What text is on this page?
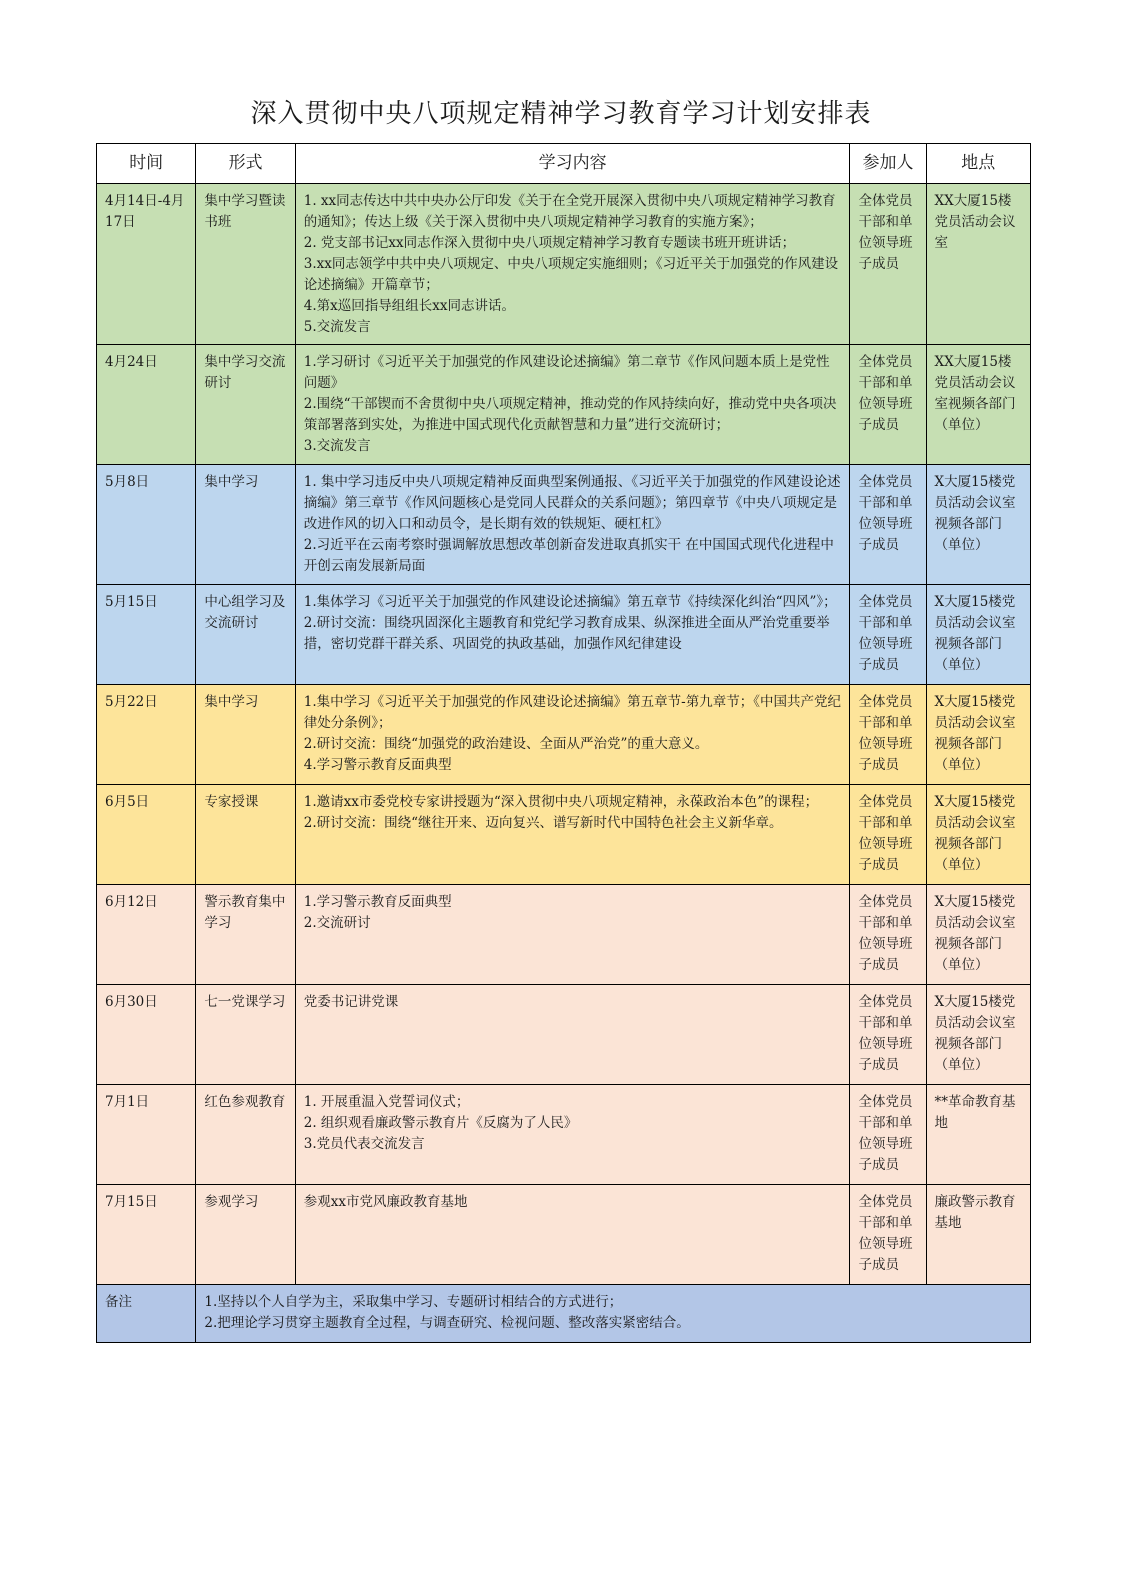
深入贯彻中央八项规定精神学习教育学习计划安排表
时间	形式	学习内容	参加人	地点
4月14日-4月17日	集中学习暨读书班	1. xx同志传达中共中央办公厅印发《关于在全党开展深入贯彻中央八项规定精神学习教育的通知》；传达上级《关于深入贯彻中央八项规定精神学习教育的实施方案》；
2. 党支部书记xx同志作深入贯彻中央八项规定精神学习教育专题读书班开班讲话；
3.xx同志领学中共中央八项规定、中央八项规定实施细则；《习近平关于加强党的作风建设论述摘编》开篇章节；
4.第x巡回指导组组长xx同志讲话。
5.交流发言	全体党员干部和单位领导班子成员	XX大厦15楼党员活动会议室
4月24日	集中学习交流研讨	1.学习研讨《习近平关于加强党的作风建设论述摘编》第二章节《作风问题本质上是党性问题》
2.围绕“干部锲而不舍贯彻中央八项规定精神，推动党的作风持续向好，推动党中央各项决策部署落到实处，为推进中国式现代化贡献智慧和力量”进行交流研讨；
3.交流发言	全体党员干部和单位领导班子成员	XX大厦15楼党员活动会议室视频各部门（单位）
5月8日	集中学习	1. 集中学习违反中央八项规定精神反面典型案例通报、《习近平关于加强党的作风建设论述摘编》第三章节《作风问题核心是党同人民群众的关系问题》；第四章节《中央八项规定是改进作风的切入口和动员令，是长期有效的铁规矩、硬杠杠》
2.习近平在云南考察时强调解放思想改革创新奋发进取真抓实干 在中国国式现代化进程中开创云南发展新局面	全体党员干部和单位领导班子成员	X大厦15楼党员活动会议室视频各部门（单位）
5月15日	中心组学习及交流研讨	1.集体学习《习近平关于加强党的作风建设论述摘编》第五章节《持续深化纠治“四风”》；
2.研讨交流：围绕巩固深化主题教育和党纪学习教育成果、纵深推进全面从严治党重要举措，密切党群干群关系、巩固党的执政基础，加强作风纪律建设	全体党员干部和单位领导班子成员	X大厦15楼党员活动会议室视频各部门（单位）
5月22日	集中学习	1.集中学习《习近平关于加强党的作风建设论述摘编》第五章节-第九章节；《中国共产党纪律处分条例》；
2.研讨交流：围绕“加强党的政治建设、全面从严治党”的重大意义。
4.学习警示教育反面典型	全体党员干部和单位领导班子成员	X大厦15楼党员活动会议室视频各部门（单位）
6月5日	专家授课	1.邀请xx市委党校专家讲授题为“深入贯彻中央八项规定精神，永葆政治本色”的课程；
2.研讨交流：围绕“继往开来、迈向复兴、谱写新时代中国特色社会主义新华章。	全体党员干部和单位领导班子成员	X大厦15楼党员活动会议室视频各部门（单位）
6月12日	警示教育集中学习	1.学习警示教育反面典型
2.交流研讨	全体党员干部和单位领导班子成员	X大厦15楼党员活动会议室视频各部门（单位）
6月30日	七一党课学习	党委书记讲党课	全体党员干部和单位领导班子成员	X大厦15楼党员活动会议室视频各部门（单位）
7月1日	红色参观教育	1. 开展重温入党誓词仪式；
2. 组织观看廉政警示教育片《反腐为了人民》
3.党员代表交流发言	全体党员干部和单位领导班子成员	**革命教育基地
7月15日	参观学习	参观xx市党风廉政教育基地	全体党员干部和单位领导班子成员	廉政警示教育基地
备注	1.坚持以个人自学为主，采取集中学习、专题研讨相结合的方式进行；
2.把理论学习贯穿主题教育全过程，与调查研究、检视问题、整改落实紧密结合。			
